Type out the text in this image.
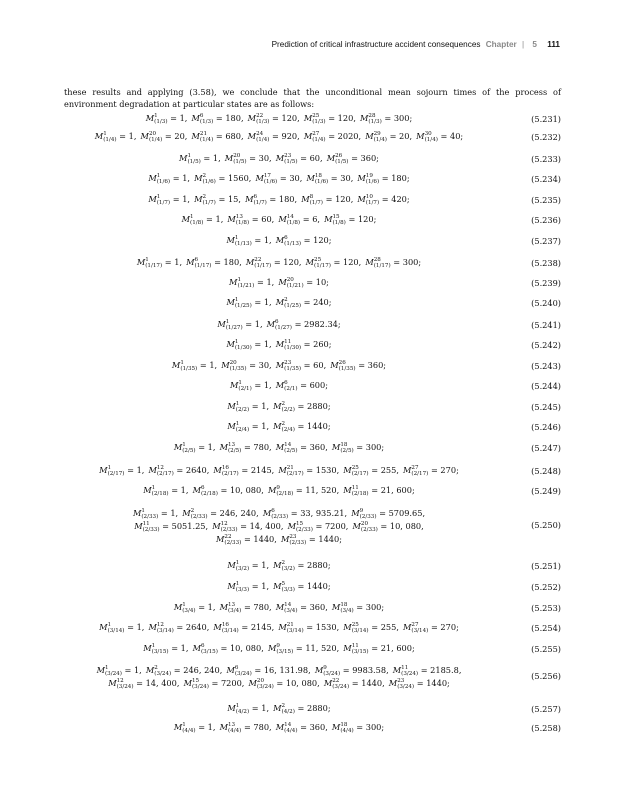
Prediction of critical infrastructure accident consequences Chapter | 5 111

these results and applying (3.58), we conclude that the unconditional mean sojourn times of the process of environment degradation at particular states are as follows:

M 1
(1/3) = 1, M 6
(1/3) = 180, M 22
(1/3) = 120, M 25
(1/3) = 120, M 28
(1/3) = 300;	(5.231)
M 1
(1/4) = 1, M 20
(1/4) = 20, M 21
(1/4) = 680, M 24
(1/4) = 920, M 27
(1/4) = 2020, M 29
(1/4) = 20, M 30
(1/4) = 40;	(5.232)
M 1
(1/5) = 1, M 20
(1/5) = 30, M 23
(1/5) = 60, M 26
(1/5) = 360;	(5.233)
M 1
(1/6) = 1, M 2
(1/6) = 1560, M 17
(1/6) = 30, M 18
(1/6) = 30, M 19
(1/6) = 180;	(5.234)
M 1
(1/7) = 1, M 2
(1/7) = 15, M 6
(1/7) = 180, M 8
(1/7) = 120, M 10
(1/7) = 420;	(5.235)
M 1
(1/8) = 1, M 13
(1/8) = 60, M 14
(1/8) = 6, M 15
(1/8) = 120;	(5.236)
M 1
(1/13) = 1, M 6
(1/13) = 120;	(5.237)
M 1
(1/17) = 1, M 6
(1/17) = 180, M 22
(1/17) = 120, M 25
(1/17) = 120, M 28
(1/17) = 300;	(5.238)
M 1
(1/21) = 1, M 20
(1/21) = 10;	(5.239)
M 1
(1/25) = 1, M 2
(1/25) = 240;	(5.240)
M 1
(1/27) = 1, M 6
(1/27) = 2982.34;	(5.241)
M 1
(1/30) = 1, M 11
(1/30) = 260;	(5.242)
M 1
(1/35) = 1, M 20
(1/35) = 30, M 23
(1/35) = 60, M 26
(1/35) = 360;	(5.243)
M 1
(2/1) = 1, M 6
(2/1) = 600;	(5.244)
M 1
(2/2) = 1, M 2
(2/2) = 2880;	(5.245)
M 1
(2/4) = 1, M 2
(2/4) = 1440;	(5.246)
M 1
(2/5) = 1, M 13
(2/5) = 780, M 14
(2/5) = 360, M 18
(2/5) = 300;	(5.247)
M 1
(2/17) = 1, M 12
(2/17) = 2640, M 16
(2/17) = 2145, M 21
(2/17) = 1530, M 25
(2/17) = 255, M 27
(2/17) = 270;	(5.248)
M 1
(2/18) = 1, M 6
(2/18) = 10, 080, M 9
(2/18) = 11, 520, M 11
(2/18) = 21, 600;	(5.249)
M 1
(2/33) = 1, M 2
(2/33) = 246, 240, M 6
(2/33) = 33, 935.21, M 9
(2/33) = 5709.65,
M 11
(2/33) = 5051.25, M 12
(2/33) = 14, 400, M 15
(2/33) = 7200, M 20
(2/33) = 10, 080,
M 22
(2/33) = 1440, M 23
(2/33) = 1440;
(5.250)
M 1
(3/2) = 1, M 2
(3/2) = 2880;	(5.251)
M 1
(3/3) = 1, M 5
(3/3) = 1440;	(5.252)
M 1
(3/4) = 1, M 13
(3/4) = 780, M 14
(3/4) = 360, M 18
(3/4) = 300;	(5.253)
M 1
(3/14) = 1, M 12
(3/14) = 2640, M 16
(3/14) = 2145, M 21
(3/14) = 1530, M 25
(3/14) = 255, M 27
(3/14) = 270;	(5.254)
M 1
(3/15) = 1, M 6
(3/15) = 10, 080, M 9
(3/15) = 11, 520, M 11
(3/15) = 21, 600;	(5.255)
M 1
(3/24) = 1, M 2
(3/24) = 246, 240, M 6
(3/24) = 16, 131.98, M 9
(3/24) = 9983.58, M 11
(3/24) = 2185.8,
M 12
(3/24) = 14, 400, M 15
(3/24) = 7200, M 20
(3/24) = 10, 080, M 22
(3/24) = 1440, M 23
(3/24) = 1440;
(5.256)
M 1
(4/2) = 1, M 2
(4/2) = 2880;	(5.257)
M 1
(4/4) = 1, M 13
(4/4) = 780, M 14
(4/4) = 360, M 18
(4/4) = 300;	(5.258)
